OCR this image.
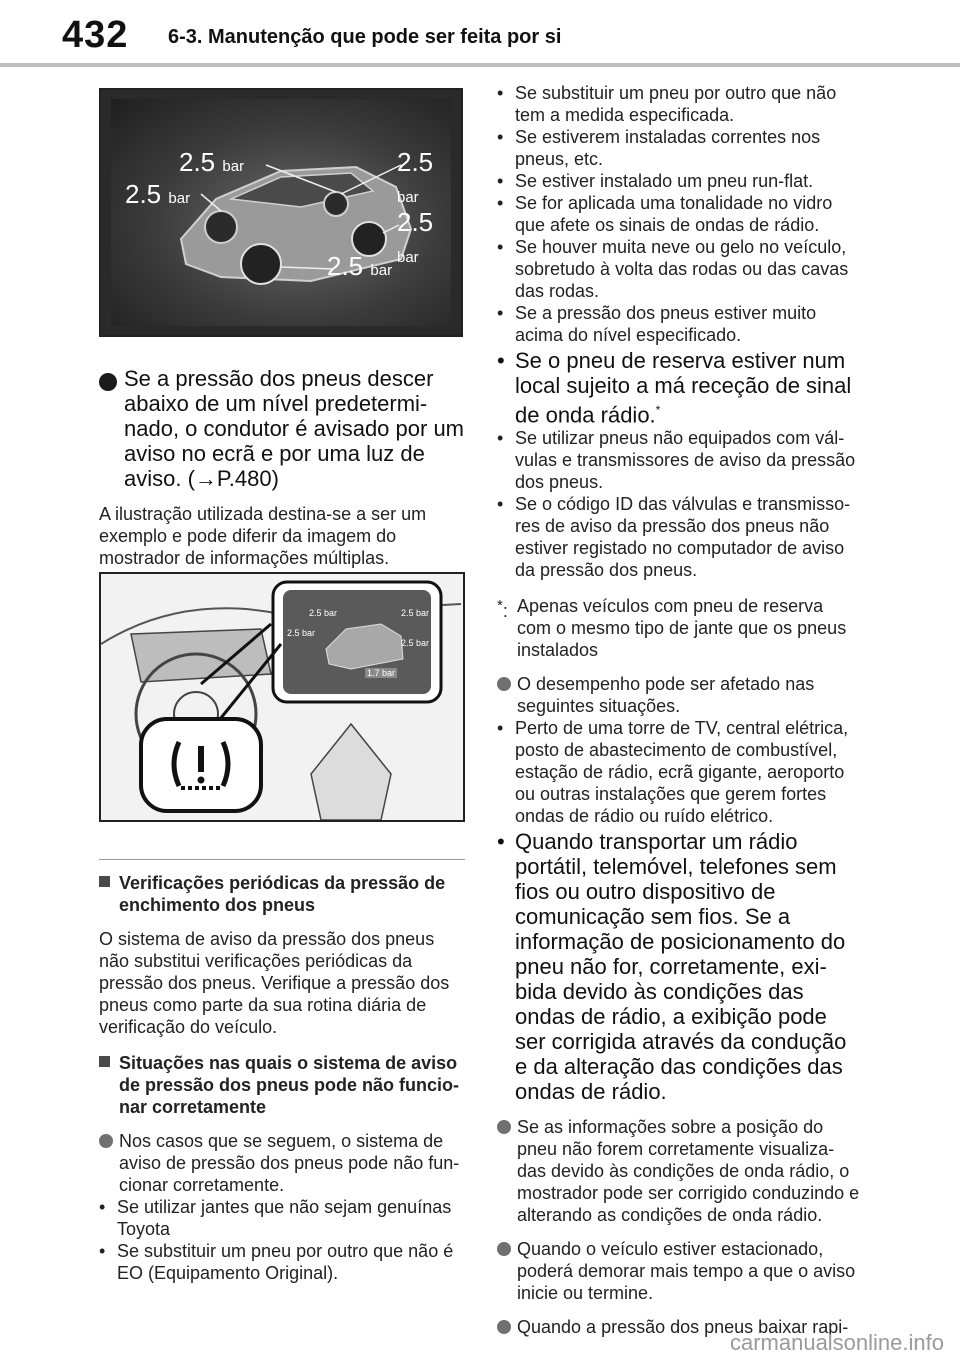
432 6-3. Manutenção que pode ser feita por si
2.5 bar
2.5 bar
2.5 bar
2.5 bar
2.5 bar
Se a pressão dos pneus descer abaixo de um nível predetermi-nado, o condutor é avisado por um aviso no ecrã e por uma luz de aviso. (→P.480)

A ilustração utilizada destina-se a ser um exemplo e pode diferir da imagem do mostrador de informações múltiplas.

2.5 bar
2.5 bar
2.5 bar
2.5 bar
1.7 bar
Verificações periódicas da pressão de enchimento dos pneus

O sistema de aviso da pressão dos pneus não substitui verificações periódicas da pressão dos pneus. Verifique a pressão dos pneus como parte da sua rotina diária de verificação do veículo.

Situações nas quais o sistema de aviso de pressão dos pneus pode não funcio-nar corretamente
Nos casos que se seguem, o sistema de aviso de pressão dos pneus pode não fun-cionar corretamente.
• Se utilizar jantes que não sejam genuínas Toyota
• Se substituir um pneu por outro que não é EO (Equipamento Original).
• Se substituir um pneu por outro que não tem a medida especificada.
• Se estiverem instaladas correntes nos pneus, etc.
• Se estiver instalado um pneu run-flat.
• Se for aplicada uma tonalidade no vidro que afete os sinais de ondas de rádio.
• Se houver muita neve ou gelo no veículo, sobretudo à volta das rodas ou das cavas das rodas.
• Se a pressão dos pneus estiver muito acima do nível especificado.
• Se o pneu de reserva estiver num local sujeito a má receção de sinal de onda rádio.*
• Se utilizar pneus não equipados com vál-vulas e transmissores de aviso da pressão dos pneus.
• Se o código ID das válvulas e transmisso-res de aviso da pressão dos pneus não estiver registado no computador de aviso da pressão dos pneus.
*: Apenas veículos com pneu de reserva com o mesmo tipo de jante que os pneus instalados
O desempenho pode ser afetado nas seguintes situações.
• Perto de uma torre de TV, central elétrica, posto de abastecimento de combustível, estação de rádio, ecrã gigante, aeroporto ou outras instalações que gerem fortes ondas de rádio ou ruído elétrico.
• Quando transportar um rádio portátil, telemóvel, telefones sem fios ou outro dispositivo de comunicação sem fios. Se a informação de posicionamento do pneu não for, corretamente, exi-bida devido às condições das ondas de rádio, a exibição pode ser corrigida através da condução e da alteração das condições das ondas de rádio.
Se as informações sobre a posição do pneu não forem corretamente visualiza-das devido às condições de onda rádio, o mostrador pode ser corrigido conduzindo e alterando as condições de onda rádio.
Quando o veículo estiver estacionado, poderá demorar mais tempo a que o aviso inicie ou termine.
Quando a pressão dos pneus baixar rapi-
carmanualsonline.info
